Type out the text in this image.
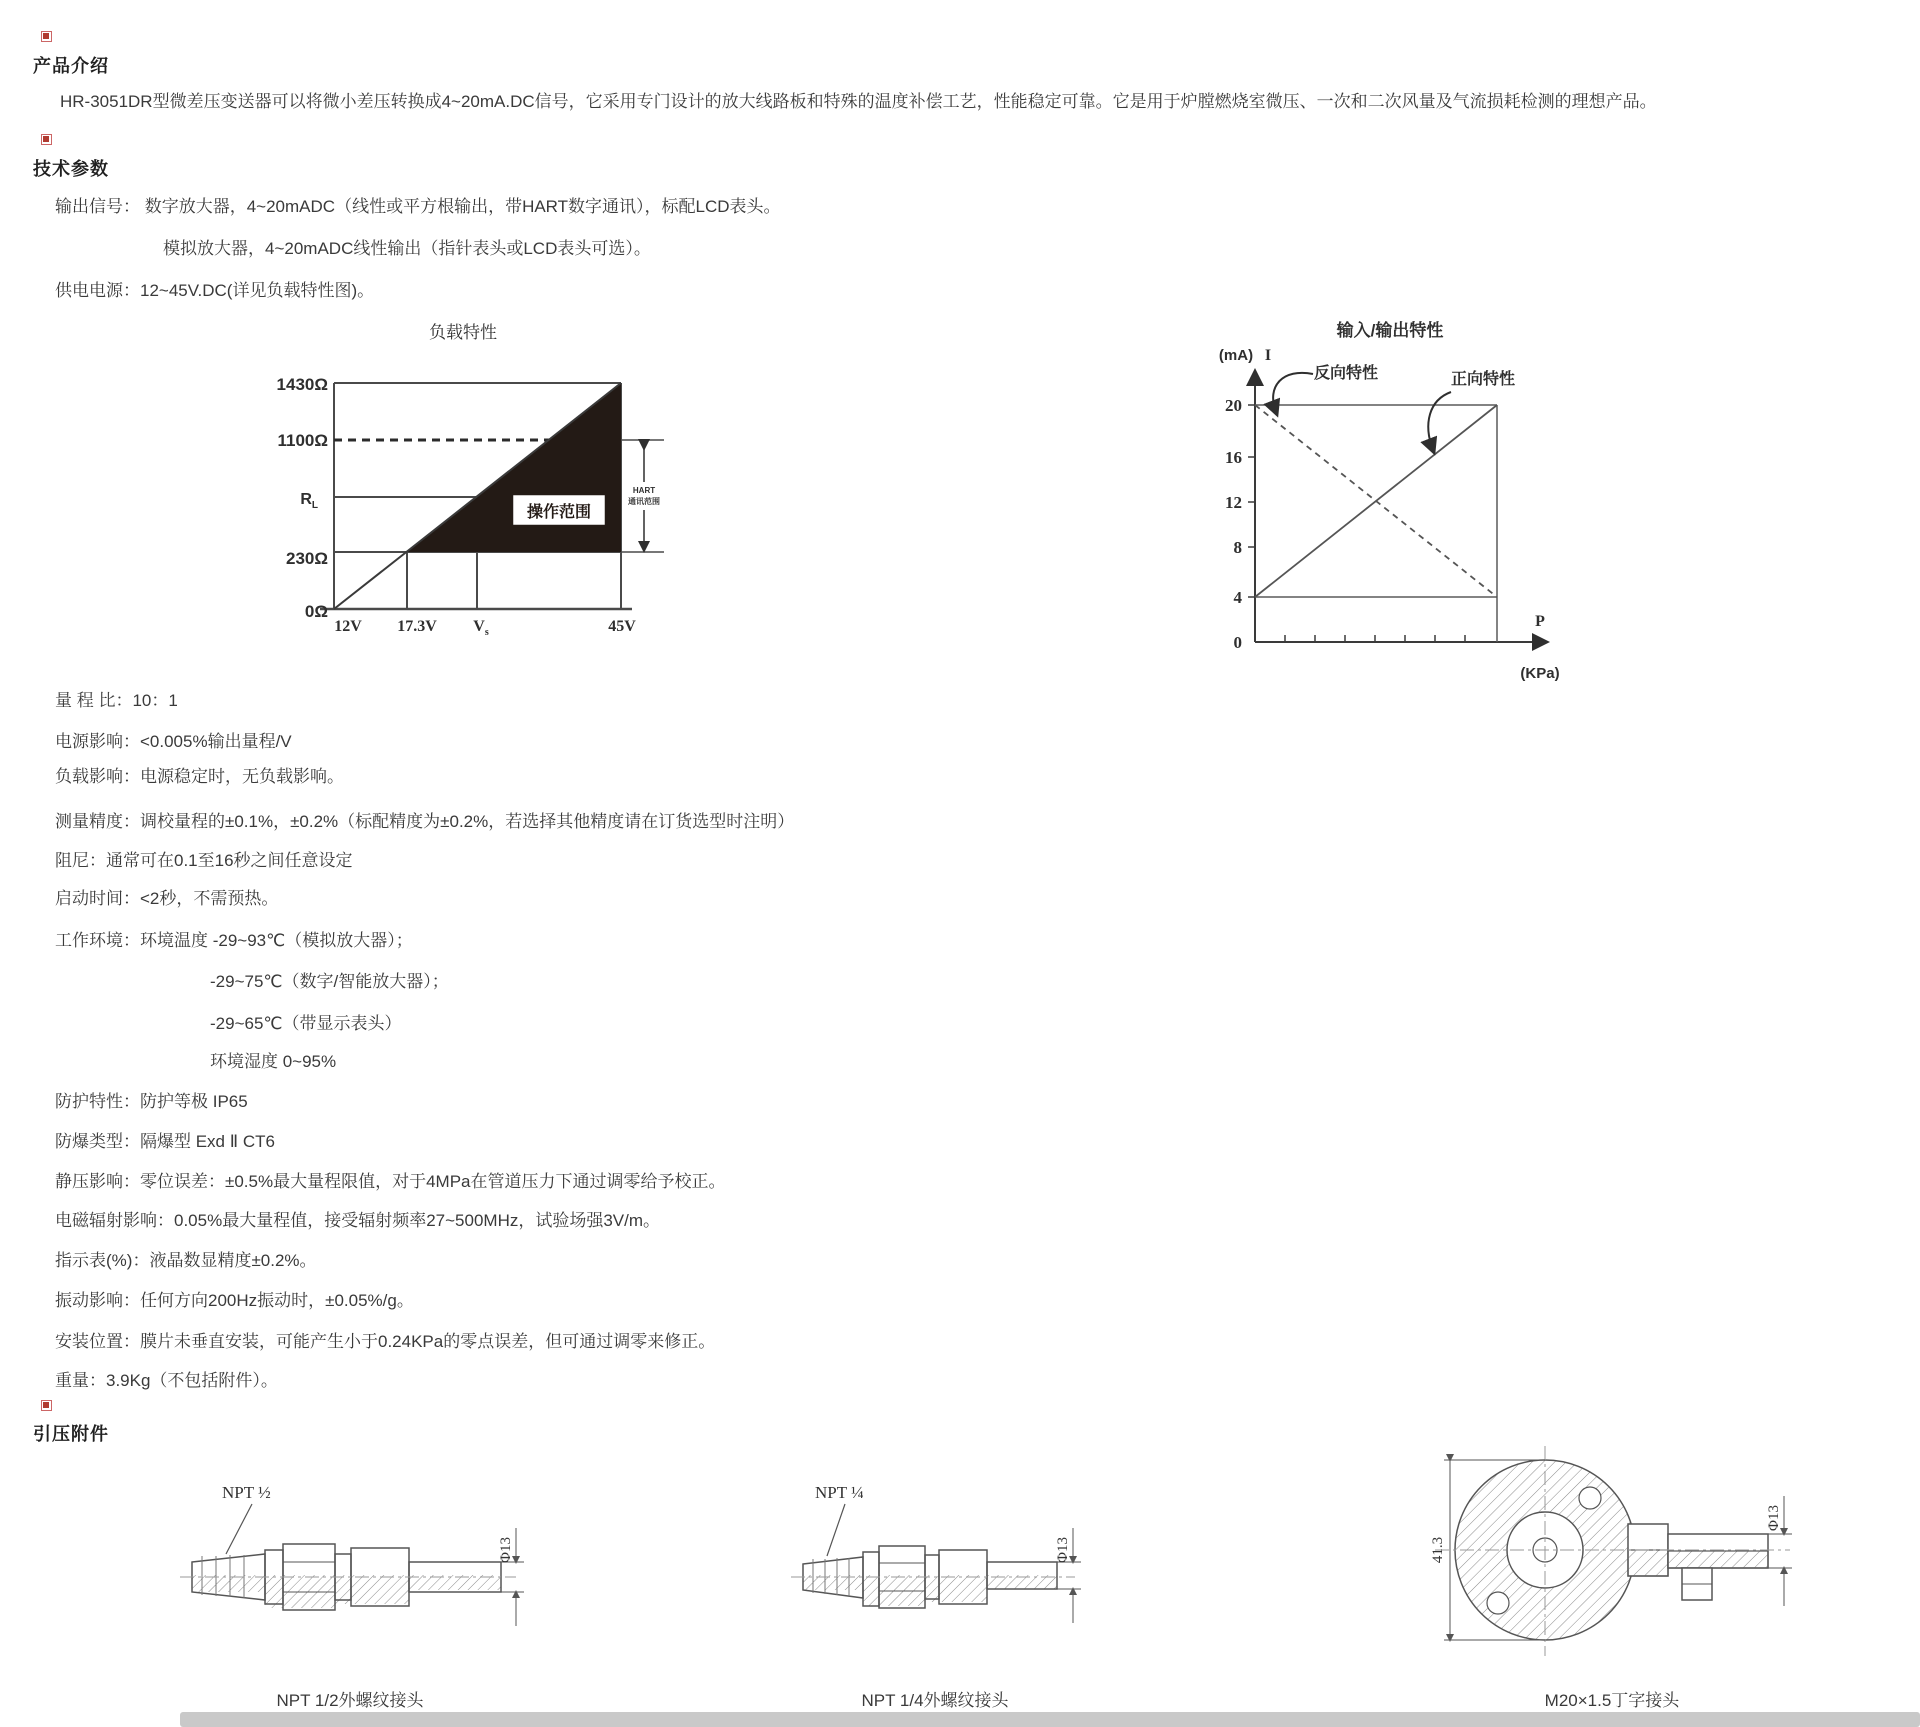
产品介绍
HR-3051DR型微差压变送器可以将微小差压转换成4~20mA.DC信号，它采用专门设计的放大线路板和特殊的温度补偿工艺，性能稳定可靠。它是用于炉膛燃烧室微压、一次和二次风量及气流损耗检测的理想产品。
技术参数
输出信号： 数字放大器，4~20mADC（线性或平方根输出，带HART数字通讯），标配LCD表头。
模拟放大器，4~20mADC线性输出（指针表头或LCD表头可选）。
供电电源：12~45V.DC(详见负载特性图)。
负载特性
操作范围
1430Ω
1100Ω
$R_L$
230Ω
0Ω
12V 17.3V $V_s$	45V
HART
通讯范围
输入/输出特性
(mA) I
P
(KPa)
20
16
12
8
4
0
反向特性	正向特性
量 程 比：10：1
电源影响：<0.005%输出量程/V
负载影响：电源稳定时，无负载影响。
测量精度：调校量程的±0.1%，±0.2%（标配精度为±0.2%，若选择其他精度请在订货选型时注明）
阻尼：通常可在0.1至16秒之间任意设定
启动时间：<2秒，不需预热。
工作环境：环境温度 -29~93℃（模拟放大器）；
-29~75℃（数字/智能放大器）；
-29~65℃（带显示表头）
环境湿度 0~95%
防护特性：防护等极 IP65
防爆类型：隔爆型 Exd Ⅱ CT6
静压影响：零位误差：±0.5%最大量程限值，对于4MPa在管道压力下通过调零给予校正。
电磁辐射影响：0.05%最大量程值，接受辐射频率27~500MHz，试验场强3V/m。
指示表(%)：液晶数显精度±0.2%。
振动影响：任何方向200Hz振动时，±0.05%/g。
安装位置：膜片未垂直安装，可能产生小于0.24KPa的零点误差，但可通过调零来修正。
重量：3.9Kg（不包括附件）。
引压附件
NPT ½
Φ13
NPT 1/2外螺纹接头
NPT ¼
Φ13
NPT 1/4外螺纹接头
41.3
Φ13
M20×1.5丁字接头
